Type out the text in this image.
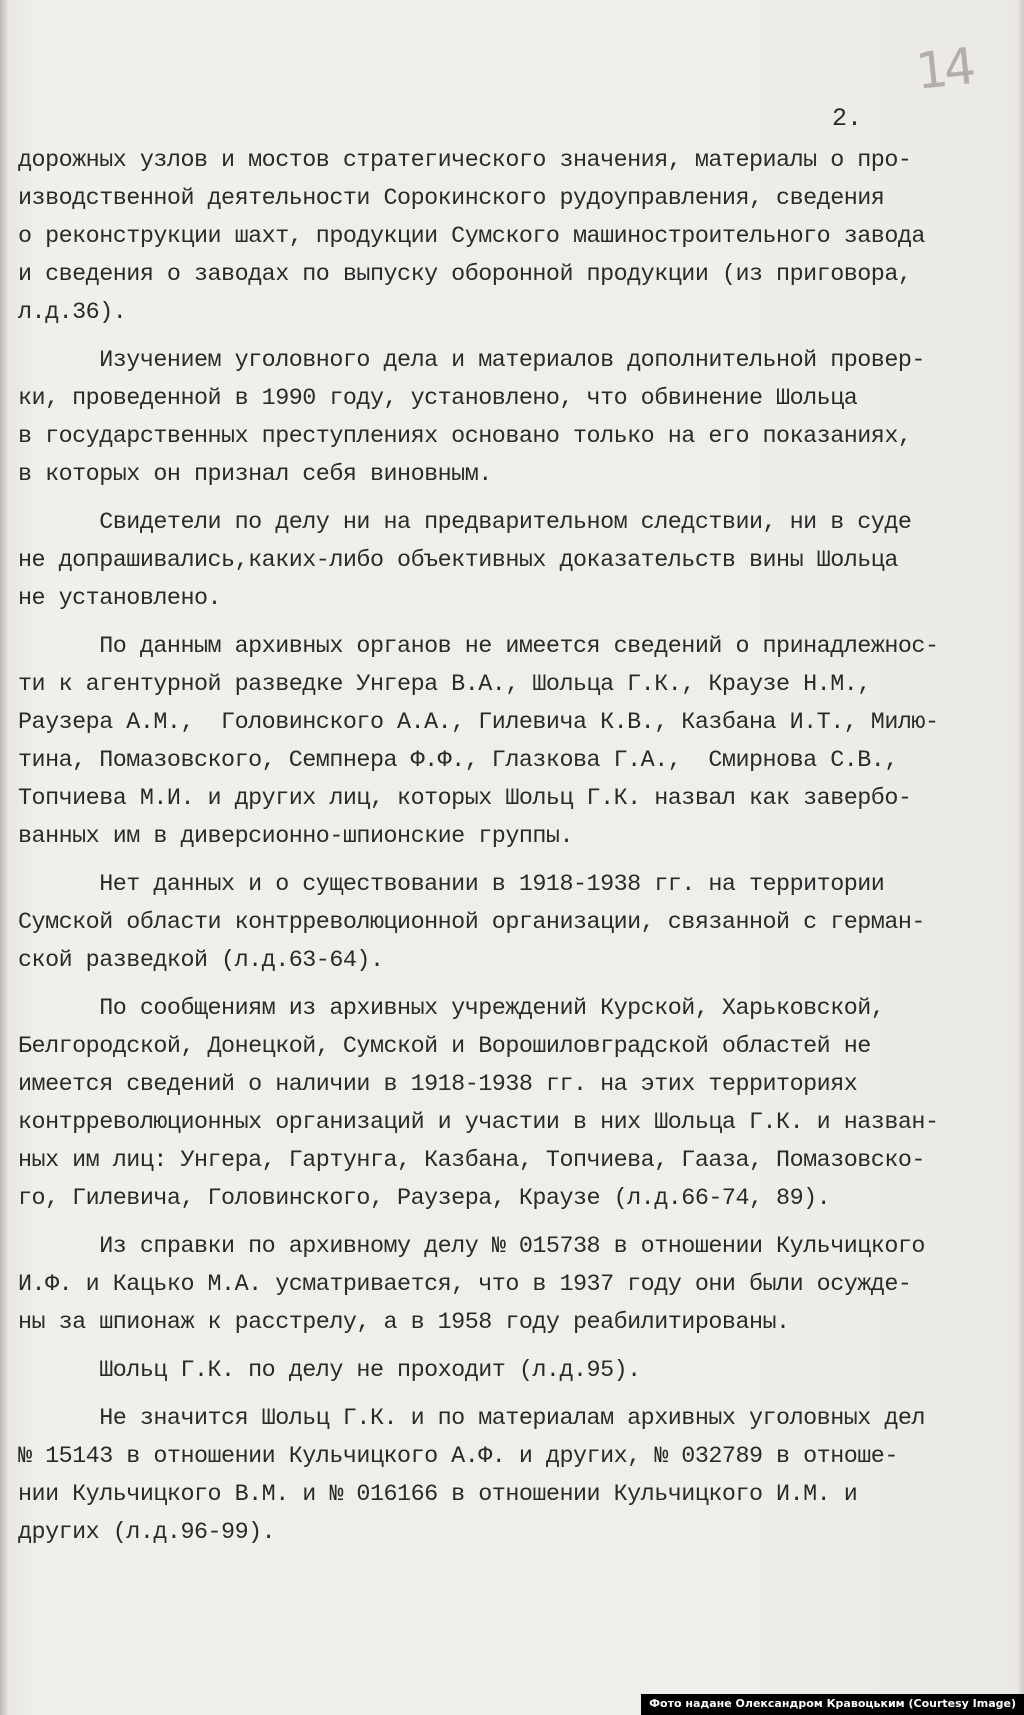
14
2.
дорожных узлов и мостов стратегического значения, материалы о про-
изводственной деятельности Сорокинского рудоуправления, сведения
о реконструкции шахт, продукции Сумского машиностроительного завода
и сведения о заводах по выпуску оборонной продукции (из приговора,
л.д.36).
Изучением уголовного дела и материалов дополнительной провер-
ки, проведенной в 1990 году, установлено, что обвинение Шольца
в государственных преступлениях основано только на его показаниях,
в которых он признал себя виновным.
Свидетели по делу ни на предварительном следствии, ни в суде
не допрашивались,каких-либо объективных доказательств вины Шольца
не установлено.
По данным архивных органов не имеется сведений о принадлежнос-
ти к агентурной разведке Унгера В.А., Шольца Г.К., Краузе Н.М.,
Раузера А.М.,  Головинского А.А., Гилевича К.В., Казбана И.Т., Милю-
тина, Помазовского, Семпнера Ф.Ф., Глазкова Г.А.,  Смирнова С.В.,
Топчиева М.И. и других лиц, которых Шольц Г.К. назвал как завербо-
ванных им в диверсионно-шпионские группы.
Нет данных и о существовании в 1918-1938 гг. на территории
Сумской области контрреволюционной организации, связанной с герман-
ской разведкой (л.д.63-64).
По сообщениям из архивных учреждений Курской, Харьковской,
Белгородской, Донецкой, Сумской и Ворошиловградской областей не
имеется сведений о наличии в 1918-1938 гг. на этих территориях
контрреволюционных организаций и участии в них Шольца Г.К. и назван-
ных им лиц: Унгера, Гартунга, Казбана, Топчиева, Гааза, Помазовско-
го, Гилевича, Головинского, Раузера, Краузе (л.д.66-74, 89).
Из справки по архивному делу № 015738 в отношении Кульчицкого
И.Ф. и Кацько М.А. усматривается, что в 1937 году они были осужде-
ны за шпионаж к расстрелу, а в 1958 году реабилитированы.
Шольц Г.К. по делу не проходит (л.д.95).
Не значится Шольц Г.К. и по материалам архивных уголовных дел
№ 15143 в отношении Кульчицкого А.Ф. и других, № 032789 в отноше-
нии Кульчицкого В.М. и № 016166 в отношении Кульчицкого И.М. и
других (л.д.96-99).
Фото надане Олександром Кравоцьким (Courtesy Image)
